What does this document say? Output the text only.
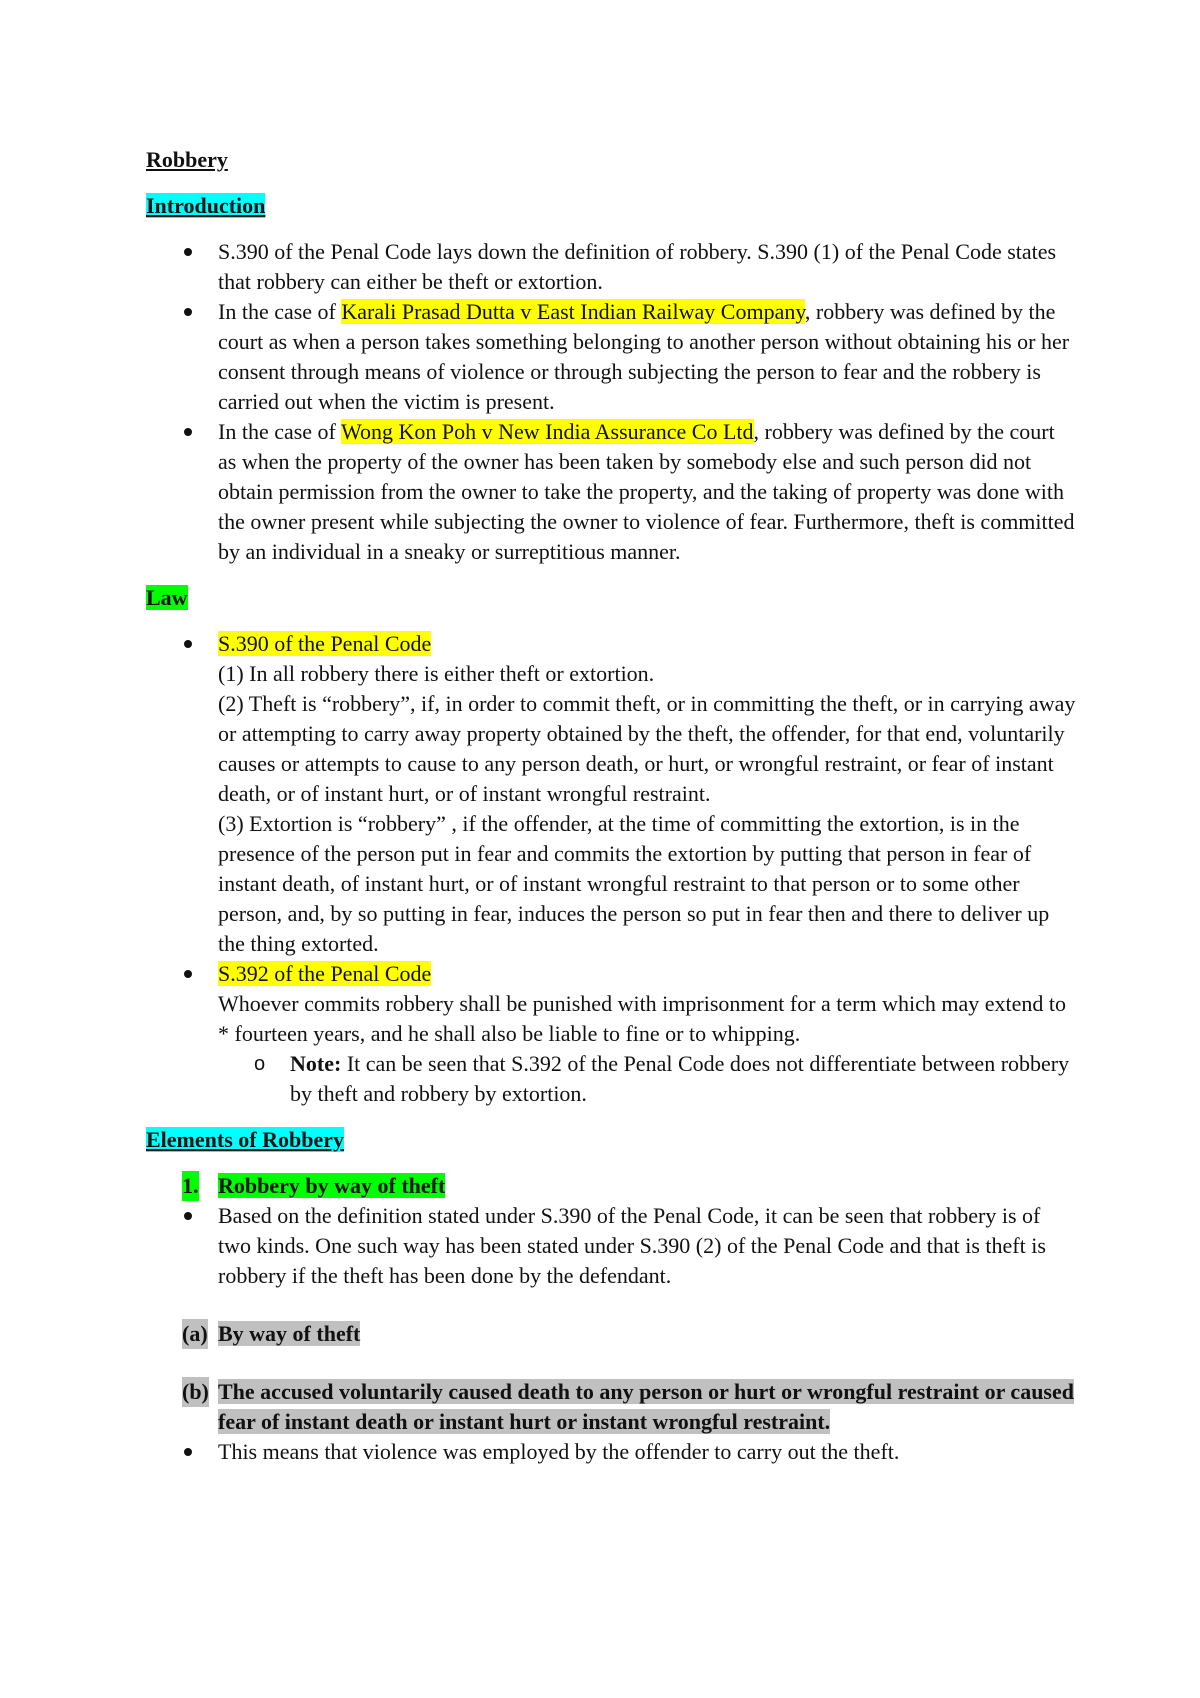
Robbery

Introduction

S.390 of the Penal Code lays down the definition of robbery. S.390 (1) of the Penal Code states that robbery can either be theft or extortion.
In the case of Karali Prasad Dutta v East Indian Railway Company, robbery was defined by the court as when a person takes something belonging to another person without obtaining his or her consent through means of violence or through subjecting the person to fear and the robbery is carried out when the victim is present.
In the case of Wong Kon Poh v New India Assurance Co Ltd, robbery was defined by the court as when the property of the owner has been taken by somebody else and such person did not obtain permission from the owner to take the property, and the taking of property was done with the owner present while subjecting the owner to violence of fear. Furthermore, theft is committed by an individual in a sneaky or surreptitious manner.

Law

S.390 of the Penal Code
(1) In all robbery there is either theft or extortion.
(2) Theft is “robbery”, if, in order to commit theft, or in committing the theft, or in carrying away or attempting to carry away property obtained by the theft, the offender, for that end, voluntarily causes or attempts to cause to any person death, or hurt, or wrongful restraint, or fear of instant death, or of instant hurt, or of instant wrongful restraint.
(3) Extortion is “robbery” , if the offender, at the time of committing the extortion, is in the presence of the person put in fear and commits the extortion by putting that person in fear of instant death, of instant hurt, or of instant wrongful restraint to that person or to some other person, and, by so putting in fear, induces the person so put in fear then and there to deliver up the thing extorted.
S.392 of the Penal Code
Whoever commits robbery shall be punished with imprisonment for a term which may extend to * fourteen years, and he shall also be liable to fine or to whipping.
o Note: It can be seen that S.392 of the Penal Code does not differentiate between robbery by theft and robbery by extortion.

Elements of Robbery

1. Robbery by way of theft

Based on the definition stated under S.390 of the Penal Code, it can be seen that robbery is of two kinds. One such way has been stated under S.390 (2) of the Penal Code and that is theft is robbery if the theft has been done by the defendant.

(a) By way of theft

(b) The accused voluntarily caused death to any person or hurt or wrongful restraint or caused fear of instant death or instant hurt or instant wrongful restraint.

This means that violence was employed by the offender to carry out the theft.
